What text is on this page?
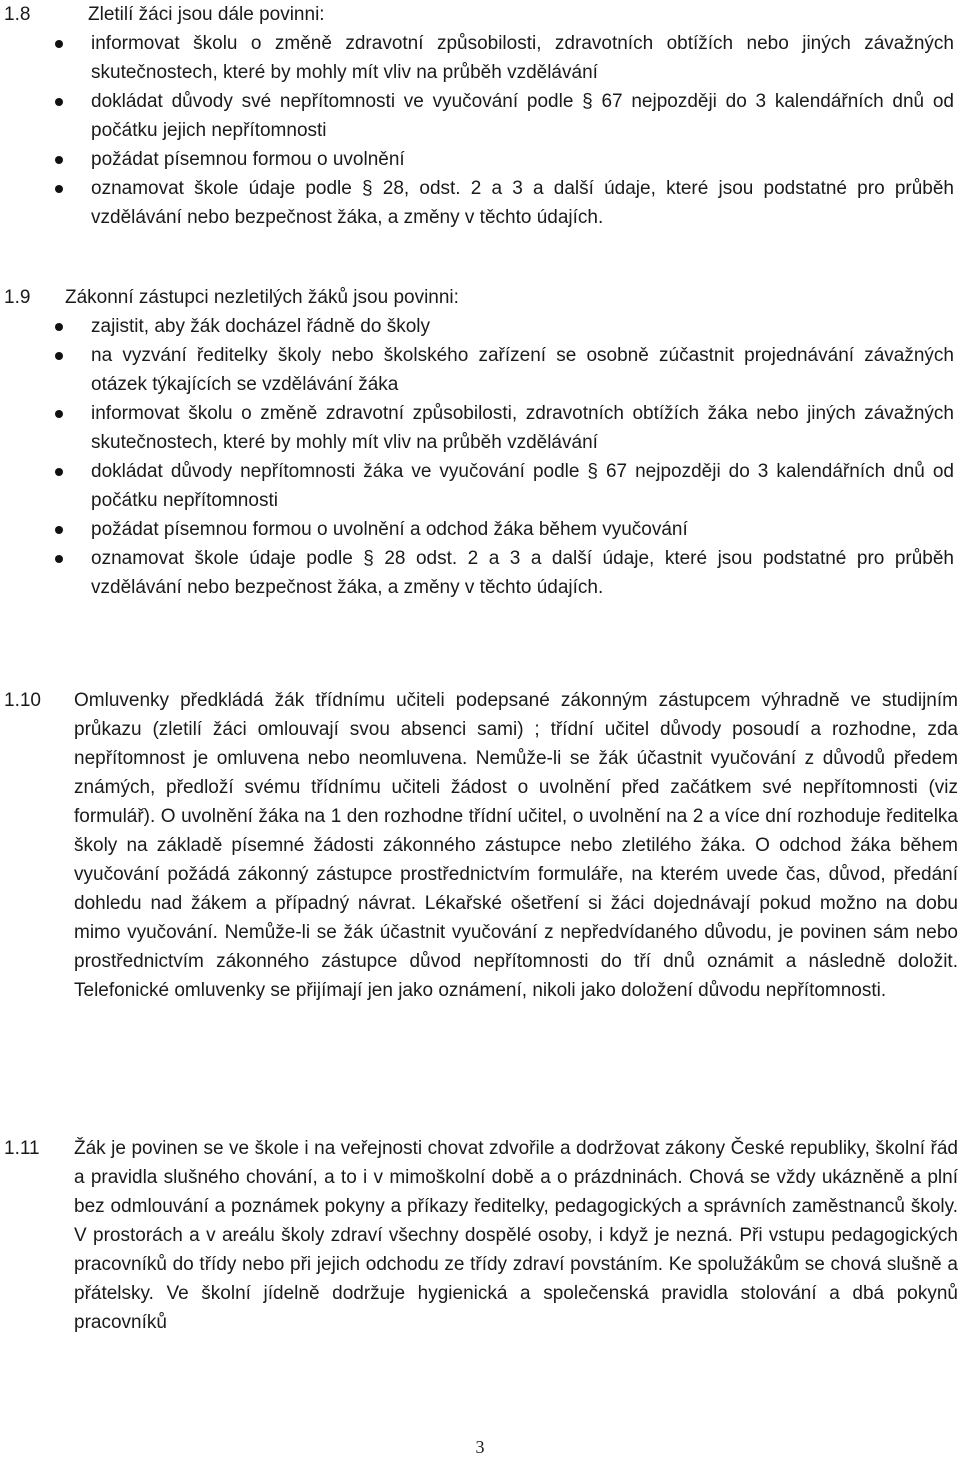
1.8	Zletilí žáci jsou dále povinni:
informovat školu o změně zdravotní způsobilosti, zdravotních obtížích nebo jiných závažných skutečnostech, které by mohly mít vliv na průběh vzdělávání
dokládat důvody své nepřítomnosti ve vyučování podle § 67 nejpozději do 3 kalendářních dnů od počátku jejich nepřítomnosti
požádat písemnou formou o uvolnění
oznamovat škole údaje podle § 28, odst. 2 a 3 a další údaje, které jsou podstatné pro průběh vzdělávání nebo bezpečnost žáka, a změny v těchto údajích.
1.9 Zákonní zástupci nezletilých žáků jsou povinni:
zajistit, aby žák docházel řádně do školy
na vyzvání ředitelky školy nebo školského zařízení se osobně zúčastnit projednávání závažných otázek týkajících se vzdělávání žáka
informovat školu o změně zdravotní způsobilosti, zdravotních obtížích žáka nebo jiných závažných skutečnostech, které by mohly mít vliv na průběh vzdělávání
dokládat důvody nepřítomnosti žáka ve vyučování podle § 67 nejpozději do 3 kalendářních dnů od počátku nepřítomnosti
požádat písemnou formou o uvolnění a odchod žáka během vyučování
oznamovat škole údaje podle § 28 odst. 2 a 3 a další údaje, které jsou podstatné pro průběh vzdělávání nebo bezpečnost žáka, a změny v těchto údajích.
1.10 Omluvenky předkládá žák třídnímu učiteli podepsané zákonným zástupcem výhradně ve studijním průkazu (zletilí žáci omlouvají svou absenci sami) ; třídní učitel důvody posoudí a rozhodne, zda nepřítomnost je omluvena nebo neomluvena. Nemůže-li se žák účastnit vyučování z důvodů předem známých, předloží svému třídnímu učiteli žádost o uvolnění před začátkem své nepřítomnosti (viz formulář). O uvolnění žáka na 1 den rozhodne třídní učitel, o uvolnění na 2 a více dní rozhoduje ředitelka školy na základě písemné žádosti zákonného zástupce nebo zletilého žáka. O odchod žáka během vyučování požádá zákonný zástupce prostřednictvím formuláře, na kterém uvede čas, důvod, předání dohledu nad žákem a případný návrat. Lékařské ošetření si žáci dojednávají pokud možno na dobu mimo vyučování. Nemůže-li se žák účastnit vyučování z nepředvídaného důvodu, je povinen sám nebo prostřednictvím zákonného zástupce důvod nepřítomnosti do tří dnů oznámit a následně doložit. Telefonické omluvenky se přijímají jen jako oznámení, nikoli jako doložení důvodu nepřítomnosti.
1.11 Žák je povinen se ve škole i na veřejnosti chovat zdvořile a dodržovat zákony České republiky, školní řád a pravidla slušného chování, a to i v mimoškolní době a o prázdninách. Chová se vždy ukázněně a plní bez odmlouvání a poznámek pokyny a příkazy ředitelky, pedagogických a správních zaměstnanců školy. V prostorách a v areálu školy zdraví všechny dospělé osoby, i když je nezná. Při vstupu pedagogických pracovníků do třídy nebo při jejich odchodu ze třídy zdraví povstáním. Ke spolužákům se chová slušně a přátelsky. Ve školní jídelně dodržuje hygienická a společenská pravidla stolování a dbá pokynů pracovníků
3
